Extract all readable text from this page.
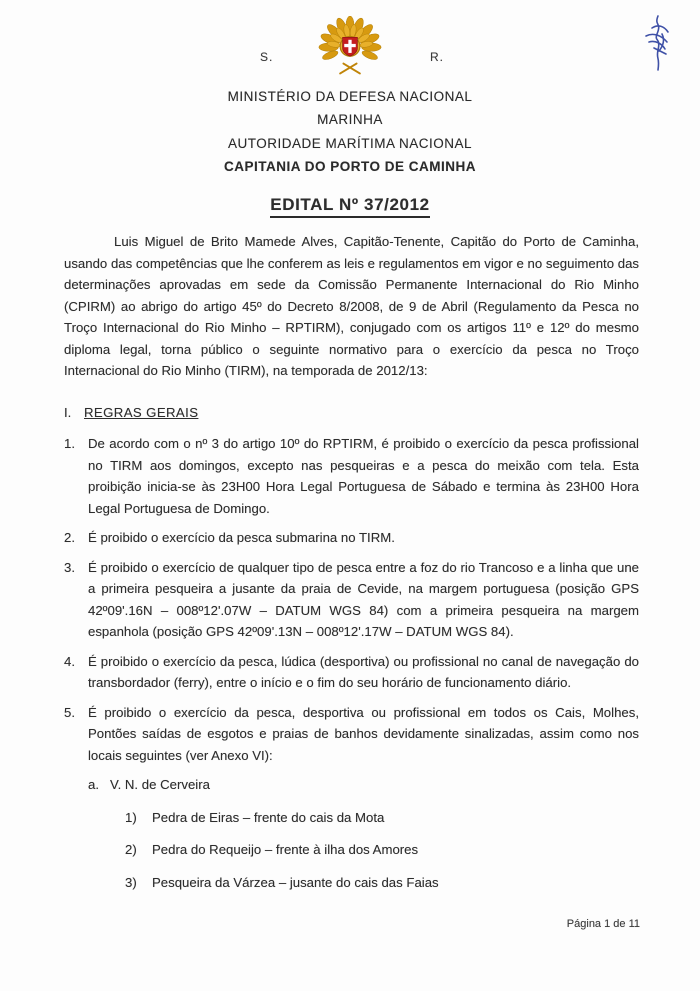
S.	R.
MINISTÉRIO DA DEFESA NACIONAL
MARINHA
AUTORIDADE MARÍTIMA NACIONAL
CAPITANIA DO PORTO DE CAMINHA
EDITAL Nº 37/2012

Luis Miguel de Brito Mamede Alves, Capitão-Tenente, Capitão do Porto de Caminha, usando das competências que lhe conferem as leis e regulamentos em vigor e no seguimento das determinações aprovadas em sede da Comissão Permanente Internacional do Rio Minho (CPIRM) ao abrigo do artigo 45º do Decreto 8/2008, de 9 de Abril (Regulamento da Pesca no Troço Internacional do Rio Minho – RPTIRM), conjugado com os artigos 11º e 12º do mesmo diploma legal, torna público o seguinte normativo para o exercício da pesca no Troço Internacional do Rio Minho (TIRM), na temporada de 2012/13:

I. REGRAS GERAIS
1. De acordo com o nº 3 do artigo 10º do RPTIRM, é proibido o exercício da pesca profissional no TIRM aos domingos, excepto nas pesqueiras e a pesca do meixão com tela. Esta proibição inicia-se às 23H00 Hora Legal Portuguesa de Sábado e termina às 23H00 Hora Legal Portuguesa de Domingo.
2. É proibido o exercício da pesca submarina no TIRM.
3. É proibido o exercício de qualquer tipo de pesca entre a foz do rio Trancoso e a linha que une a primeira pesqueira a jusante da praia de Cevide, na margem portuguesa (posição GPS 42º09'.16N – 008º12'.07W – DATUM WGS 84) com a primeira pesqueira na margem espanhola (posição GPS 42º09'.13N – 008º12'.17W – DATUM WGS 84).
4. É proibido o exercício da pesca, lúdica (desportiva) ou profissional no canal de navegação do transbordador (ferry), entre o início e o fim do seu horário de funcionamento diário.
5. É proibido o exercício da pesca, desportiva ou profissional em todos os Cais, Molhes, Pontões saídas de esgotos e praias de banhos devidamente sinalizadas, assim como nos locais seguintes (ver Anexo VI):
a. V. N. de Cerveira
1) Pedra de Eiras – frente do cais da Mota
2) Pedra do Requeijo – frente à ilha dos Amores
3) Pesqueira da Várzea – jusante do cais das Faias
Página 1 de 11
